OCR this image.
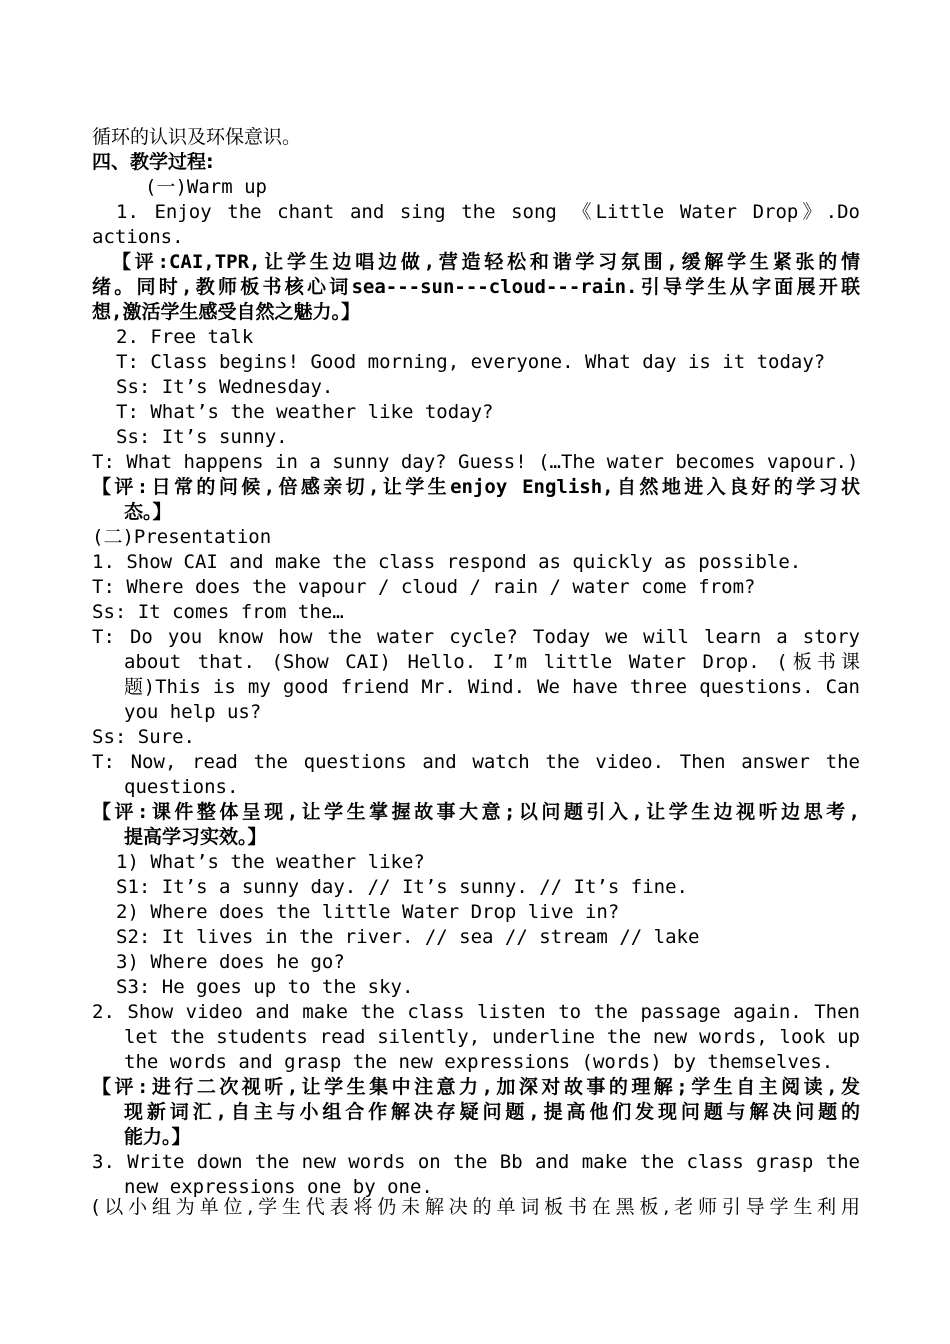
循环的认识及环保意识。
四、教学过程:
(一)Warm up
1. Enjoy the chant and sing the song 《Little Water Drop》.Do
actions.
【评:CAI,TPR,让学生边唱边做,营造轻松和谐学习氛围,缓解学生紧张的情
绪。同时,教师板书核心词sea---sun---cloud---rain.引导学生从字面展开联
想,激活学生感受自然之魅力。】
2. Free talk
T: Class begins! Good morning, everyone. What day is it today?
Ss: It’s Wednesday.
T: What’s the weather like today?
Ss: It’s sunny.
T: What happens in a sunny day? Guess! (…The water becomes vapour.)
【评:日常的问候,倍感亲切,让学生enjoy English,自然地进入良好的学习状
态。】
(二)Presentation
1. Show CAI and make the class respond as quickly as possible.
T: Where does the vapour / cloud / rain / water come from?
Ss: It comes from the…
T: Do you know how the water cycle? Today we will learn a story
about that. (Show CAI) Hello. I’m little Water Drop. (板书课
题)This is my good friend Mr. Wind. We have three questions. Can
you help us?
Ss: Sure.
T: Now, read the questions and watch the video. Then answer the
questions.
【评:课件整体呈现,让学生掌握故事大意;以问题引入,让学生边视听边思考,
提高学习实效。】
1) What’s the weather like?
S1: It’s a sunny day. // It’s sunny. // It’s fine.
2) Where does the little Water Drop live in?
S2: It lives in the river. // sea // stream // lake
3) Where does he go?
S3: He goes up to the sky.
2. Show video and make the class listen to the passage again. Then
let the students read silently, underline the new words, look up
the words and grasp the new expressions (words) by themselves.
【评:进行二次视听,让学生集中注意力,加深对故事的理解;学生自主阅读,发
现新词汇,自主与小组合作解决存疑问题,提高他们发现问题与解决问题的
能力。】
3. Write down the new words on the Bb and make the class grasp the
new expressions one by one.
(以小组为单位,学生代表将仍未解决的单词板书在黑板,老师引导学生利用
